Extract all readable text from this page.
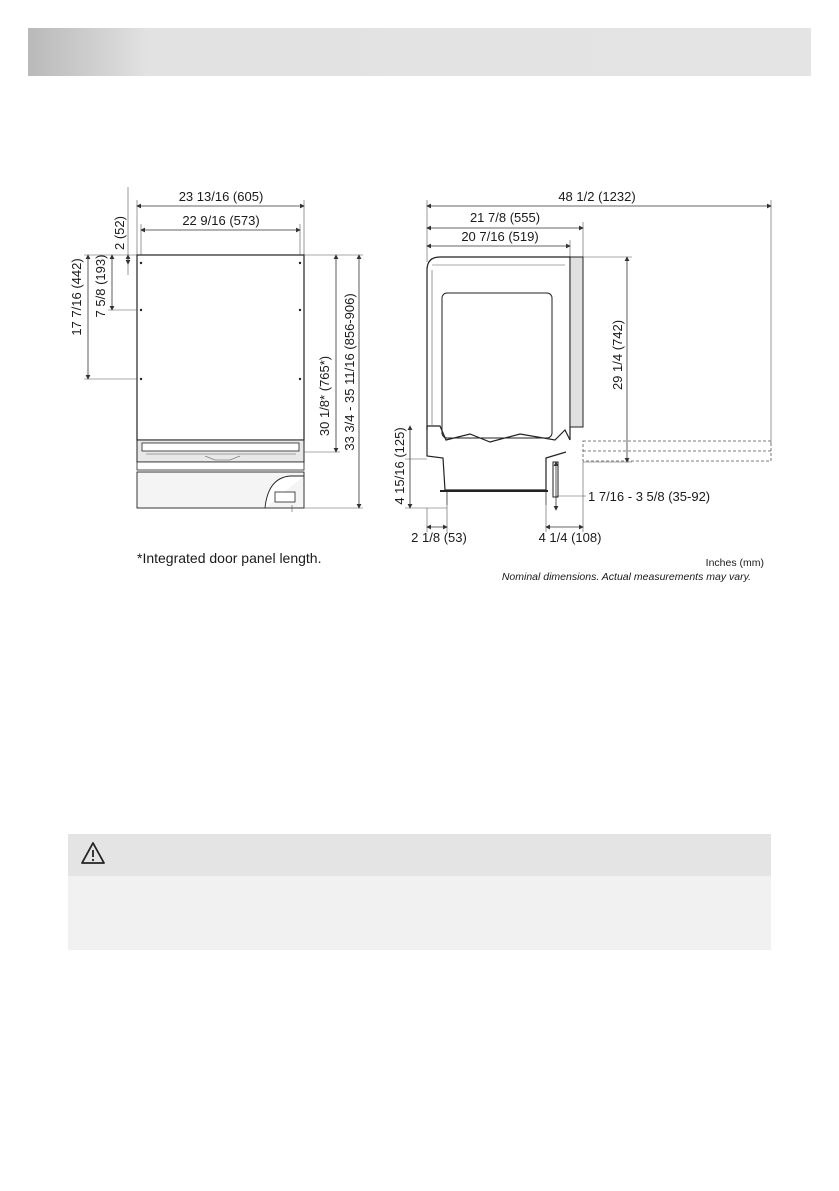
23 13/16 (605)
22 9/16 (573)
2 (52)
17 7/16 (442) 7 5/8 (193)
30 1/8* (765*) 33 3/4 - 35 11/16 (856-906)
48 1/2 (1232)
21 7/8 (555)
20 7/16 (519)
29 1/4 (742)
4 15/16 (125)
2 1/8 (53)	4 1/4 (108)
1 7/16 - 3 5/8 (35-92)
*Integrated door panel length.	Inches (mm)
Nominal dimensions. Actual measurements may vary.
